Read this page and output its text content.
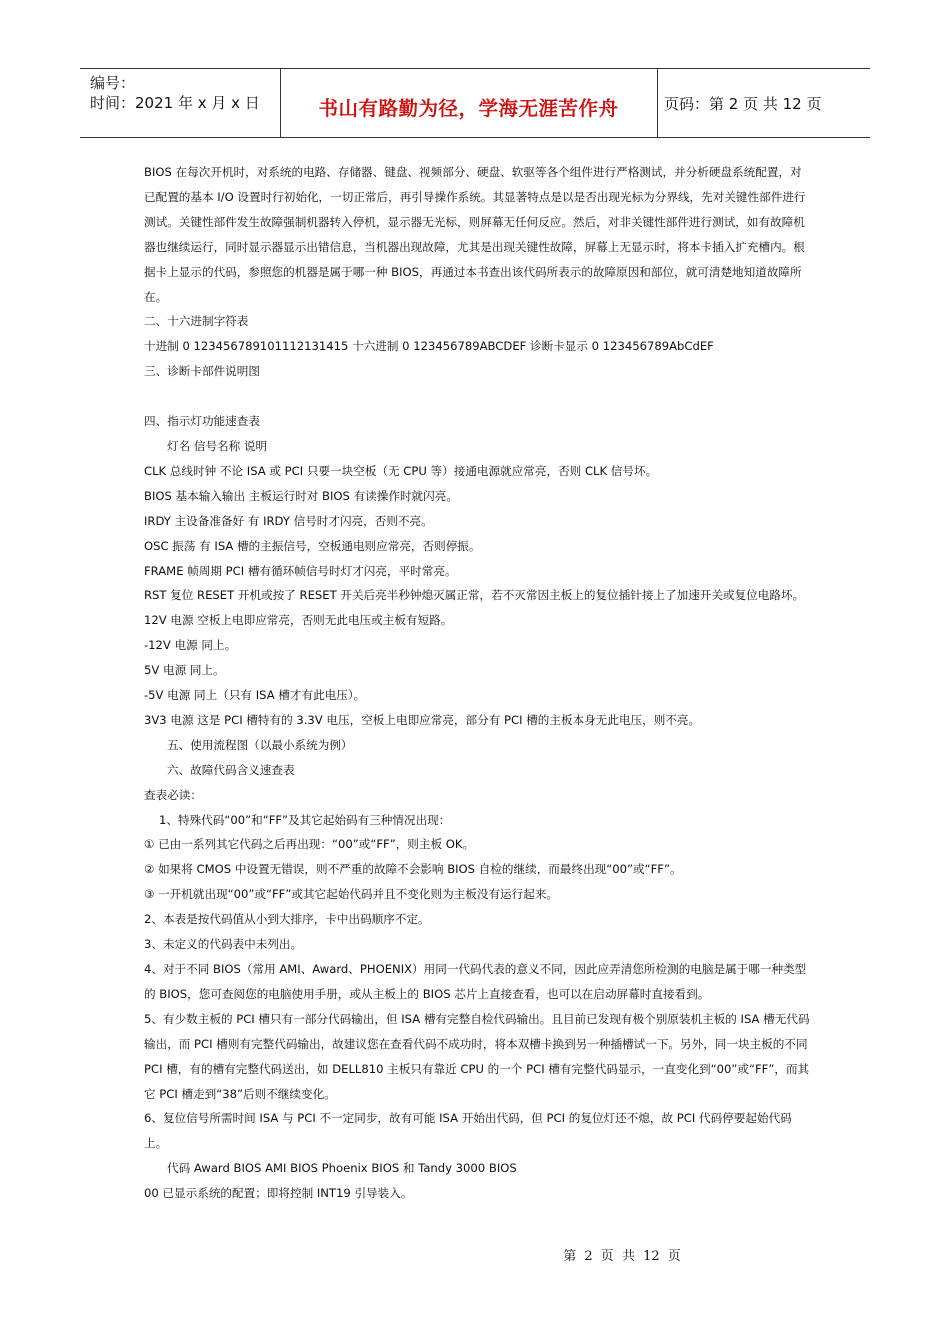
编号：
时间：2021 年 x 月 x 日	书山有路勤为径，学海无涯苦作舟	页码：第 2 页 共 12 页

BIOS 在每次开机时，对系统的电路、存储器、键盘、视频部分、硬盘、软驱等各个组件进行严格测试，并分析硬盘系统配置，对已配置的基本 I/O 设置时行初始化，一切正常后，再引导操作系统。其显著特点是以是否出现光标为分界线，先对关键性部件进行测试。关键性部件发生故障强制机器转入停机，显示器无光标，则屏幕无任何反应。然后，对非关键性部件进行测试，如有故障机器也继续运行，同时显示器显示出错信息，当机器出现故障，尤其是出现关键性故障，屏幕上无显示时，将本卡插入扩充槽内。根据卡上显示的代码，参照您的机器是属于哪一种 BIOS，再通过本书查出该代码所表示的故障原因和部位，就可清楚地知道故障所在。

二、十六进制字符表

十进制 0 123456789101112131415 十六进制 0 123456789ABCDEF 诊断卡显示 0 123456789AbCdEF

三、诊断卡部件说明图

四、指示灯功能速查表

灯名 信号名称 说明

CLK 总线时钟 不论 ISA 或 PCI 只要一块空板（无 CPU 等）接通电源就应常亮，否则 CLK 信号坏。

BIOS 基本输入输出 主板运行时对 BIOS 有读操作时就闪亮。

IRDY 主设备准备好 有 IRDY 信号时才闪亮，否则不亮。

OSC 振荡 有 ISA 槽的主振信号，空板通电则应常亮，否则停振。

FRAME 帧周期 PCI 槽有循环帧信号时灯才闪亮，平时常亮。

RST 复位 RESET 开机或按了 RESET 开关后亮半秒钟熄灭属正常，若不灭常因主板上的复位插针接上了加速开关或复位电路坏。

12V 电源 空板上电即应常亮，否则无此电压或主板有短路。

-12V 电源 同上。

5V 电源 同上。

-5V 电源 同上（只有 ISA 槽才有此电压）。

3V3 电源 这是 PCI 槽特有的 3.3V 电压，空板上电即应常亮，部分有 PCI 槽的主板本身无此电压，则不亮。

五、使用流程图（以最小系统为例）

六、故障代码含义速查表

查表必读：

1、特殊代码“00”和“FF”及其它起始码有三种情况出现：

① 已由一系列其它代码之后再出现：“00”或“FF”，则主板 OK。

② 如果将 CMOS 中设置无错误，则不严重的故障不会影响 BIOS 自检的继续，而最终出现“00”或“FF”。

③ 一开机就出现“00”或“FF”或其它起始代码并且不变化则为主板没有运行起来。

2、本表是按代码值从小到大排序，卡中出码顺序不定。

3、未定义的代码表中未列出。

4、对于不同 BIOS（常用 AMI、Award、PHOENIX）用同一代码代表的意义不同，因此应弄清您所检测的电脑是属于哪一种类型的 BIOS，您可查阅您的电脑使用手册，或从主板上的 BIOS 芯片上直接查看，也可以在启动屏幕时直接看到。

5、有少数主板的 PCI 槽只有一部分代码输出，但 ISA 槽有完整自检代码输出。且目前已发现有极个别原装机主板的 ISA 槽无代码输出，而 PCI 槽则有完整代码输出，故建议您在查看代码不成功时，将本双槽卡换到另一种插槽试一下。另外，同一块主板的不同 PCI 槽，有的槽有完整代码送出，如 DELL810 主板只有靠近 CPU 的一个 PCI 槽有完整代码显示，一直变化到“00”或“FF”，而其它 PCI 槽走到“38”后则不继续变化。

6、复位信号所需时间 ISA 与 PCI 不一定同步，故有可能 ISA 开始出代码，但 PCI 的复位灯还不熄，故 PCI 代码停要起始代码上。

代码 Award BIOS AMI BIOS Phoenix BIOS 和 Tandy 3000 BIOS

00 已显示系统的配置；即将控制 INT19 引导装入。

第 2 页 共 12 页
